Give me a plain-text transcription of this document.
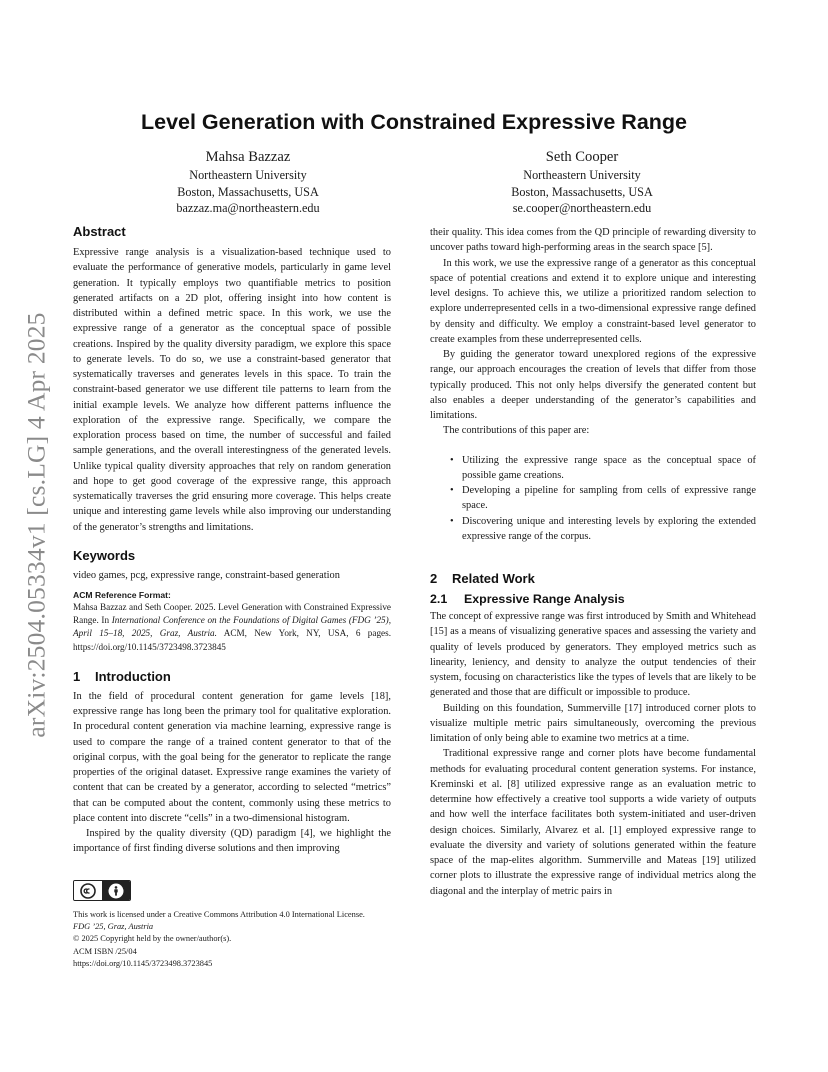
arXiv:2504.05334v1 [cs.LG] 4 Apr 2025
Level Generation with Constrained Expressive Range
Mahsa Bazzaz
Northeastern University
Boston, Massachusetts, USA
bazzaz.ma@northeastern.edu
Seth Cooper
Northeastern University
Boston, Massachusetts, USA
se.cooper@northeastern.edu
Abstract

Expressive range analysis is a visualization-based technique used to evaluate the performance of generative models, particularly in game level generation. It typically employs two quantifiable metrics to position generated artifacts on a 2D plot, offering insight into how content is distributed within a defined metric space. In this work, we use the expressive range of a generator as the conceptual space of possible creations. Inspired by the quality diversity paradigm, we explore this space to generate levels. To do so, we use a constraint-based generator that systematically traverses and generates levels in this space. To train the constraint-based generator we use different tile patterns to learn from the initial example levels. We analyze how different patterns influence the exploration of the expressive range. Specifically, we compare the exploration process based on time, the number of successful and failed sample generations, and the overall interestingness of the generated levels. Unlike typical quality diversity approaches that rely on random generation and hope to get good coverage of the expressive range, this approach systematically traverses the grid ensuring more coverage. This helps create unique and interesting game levels while also improving our understanding of the generator’s strengths and limitations.

Keywords

video games, pcg, expressive range, constraint-based generation

ACM Reference Format:

Mahsa Bazzaz and Seth Cooper. 2025. Level Generation with Constrained Expressive Range. In International Conference on the Foundations of Digital Games (FDG ’25), April 15–18, 2025, Graz, Austria. ACM, New York, NY, USA, 6 pages. https://doi.org/10.1145/3723498.3723845

1 Introduction

In the field of procedural content generation for game levels [18], expressive range has long been the primary tool for qualitative exploration. In procedural content generation via machine learning, expressive range is used to compare the range of a trained content generator to that of the original corpus, with the goal being for the generator to replicate the range properties of the original dataset. Expressive range examines the variety of content that can be created by a generator, according to selected “metrics” that can be computed about the content, commonly using these metrics to place content into discrete “cells” in a two-dimensional histogram.

Inspired by the quality diversity (QD) paradigm [4], we highlight the importance of first finding diverse solutions and then improving

This work is licensed under a Creative Commons Attribution 4.0 International License.
FDG ’25, Graz, Austria
© 2025 Copyright held by the owner/author(s).
ACM ISBN /25/04
https://doi.org/10.1145/3723498.3723845

their quality. This idea comes from the QD principle of rewarding diversity to uncover paths toward high-performing areas in the search space [5].

In this work, we use the expressive range of a generator as this conceptual space of potential creations and extend it to explore unique and interesting level designs. To achieve this, we utilize a prioritized random selection to explore underrepresented cells in a two-dimensional expressive range defined by density and difficulty. We employ a constraint-based level generator to create examples from these underrepresented cells.

By guiding the generator toward unexplored regions of the expressive range, our approach encourages the creation of levels that differ from those typically produced. This not only helps diversify the generated content but also enables a deeper understanding of the generator’s capabilities and limitations.

The contributions of this paper are:

• Utilizing the expressive range space as the conceptual space of possible game creations.
• Developing a pipeline for sampling from cells of expressive range space.
• Discovering unique and interesting levels by exploring the extended expressive range of the corpus.
2 Related Work
2.1 Expressive Range Analysis

The concept of expressive range was first introduced by Smith and Whitehead [15] as a means of visualizing generative spaces and assessing the variety and quality of levels produced by generators. They employed metrics such as linearity, leniency, and density to analyze the output tendencies of their system, focusing on characteristics like the types of levels that are likely to be generated and those that are difficult or impossible to produce.

Building on this foundation, Summerville [17] introduced corner plots to visualize multiple metric pairs simultaneously, overcoming the previous limitation of only being able to examine two metrics at a time.

Traditional expressive range and corner plots have become fundamental methods for evaluating procedural content generation systems. For instance, Kreminski et al. [8] utilized expressive range as an evaluation metric to determine how effectively a creative tool supports a wide variety of outputs and how well the interface facilitates both system-initiated and user-driven design choices. Similarly, Alvarez et al. [1] employed expressive range to evaluate the diversity and variety of solutions generated within the feature space of the map-elites algorithm. Summerville and Mateas [19] utilized corner plots to illustrate the expressive range of individual metrics along the diagonal and the interplay of metric pairs in
